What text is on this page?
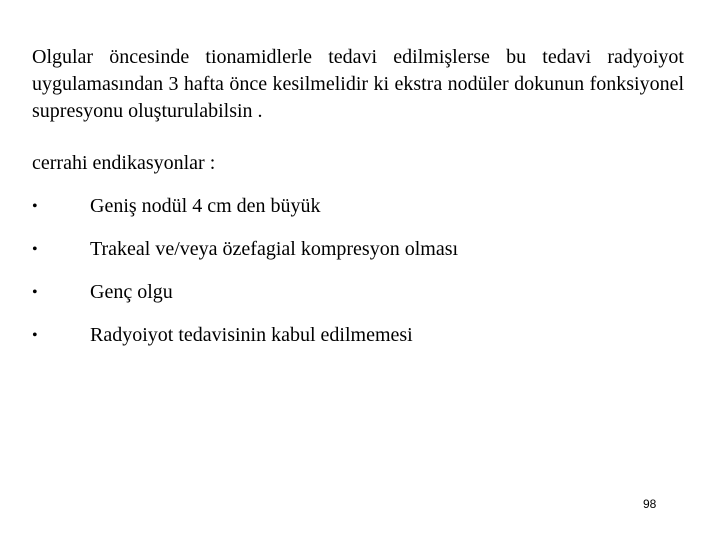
Olgular öncesinde tionamidlerle tedavi edilmişlerse bu tedavi radyoiyot uygulamasından 3 hafta önce kesilmelidir ki ekstra nodüler dokunun fonksiyonel supresyonu oluşturulabilsin .

cerrahi endikasyonlar :

•	Geniş nodül 4 cm den büyük
•	Trakeal ve/veya özefagial kompresyon olması
•	Genç olgu
•	Radyoiyot tedavisinin kabul edilmemesi
98
